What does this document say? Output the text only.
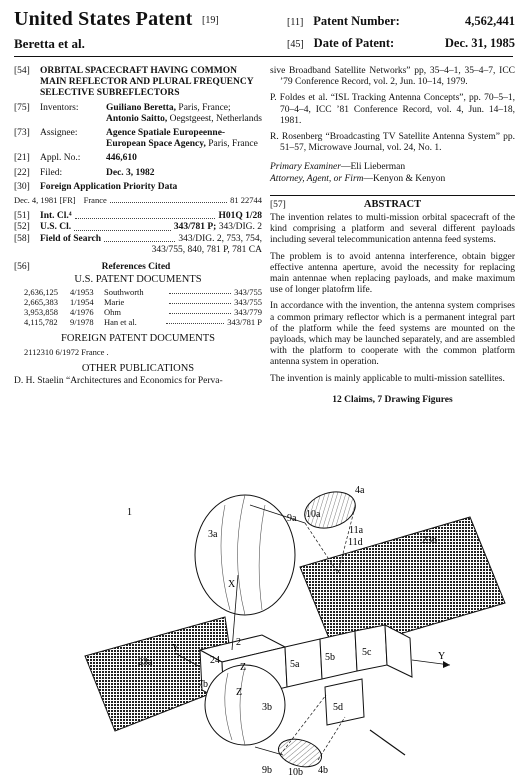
United States Patent [19]
Beretta et al.
[11] Patent Number:	4,562,441
[45] Date of Patent:	Dec. 31, 1985
[54]	ORBITAL SPACECRAFT HAVING COMMON MAIN REFLECTOR AND PLURAL FREQUENCY SELECTIVE SUBREFLECTORS
[75]	Inventors:	Guiliano Beretta, Paris, France;
Antonio Saitto, Oegstgeest, Netherlands
[73]	Assignee:	Agence Spatiale Europeenne-European Space Agency, Paris, France
[21]	Appl. No.:	446,610
[22]	Filed:	Dec. 3, 1982
[30]	Foreign Application Priority Data
Dec. 4, 1981 [FR] France	81 22744
[51]	Int. Cl.⁴	H01Q 1/28
[52]	U.S. Cl.	343/781 P; 343/DIG. 2
[58]	Field of Search	343/DIG. 2, 753, 754,
343/755, 840, 781 P, 781 CA
[56]	References Cited
U.S. PATENT DOCUMENTS
2,636,125	4/1953	Southworth	343/755
2,665,383	1/1954	Marie	343/755
3,953,858	4/1976	Ohm	343/779
4,115,782	9/1978	Han et al.	343/781 P
FOREIGN PATENT DOCUMENTS
2112310 6/1972 France .
OTHER PUBLICATIONS
D. H. Staelin “Architectures and Economics for Perva-
sive Broadband Satellite Networks” pp, 35–4–1, 35–4–7, ICC ’79 Conference Record, vol. 2, Jun. 10–14, 1979.
P. Foldes et al. “ISL Tracking Antenna Concepts”, pp. 70–5–1, 70–4–4, ICC ’81 Conference Record, vol. 4, Jun. 14–18, 1981.
R. Rosenberg “Broadcasting TV Satellite Antenna System” pp. 51–57, Microwave Journal, vol. 24, No. 1.
Primary Examiner—Eli Lieberman
Attorney, Agent, or Firm—Kenyon & Kenyon
[57]	ABSTRACT
The invention relates to multi-mission orbital spacecraft of the kind comprising a platform and several different payloads including several telecommunication antenna feed systems.
The problem is to avoid antenna interference, obtain bigger effective antenna aperture, avoid the necessity for replacing main antennae when replacing payloads, and make maximum use of longer platofrm life.
In accordance with the invention, the antenna system comprises a common primary reflector which is a permanent integral part of the platform while the feed systems are mounted on the payloads, which may be launched separately, and are assembled with the platform to cooperate with the common platform antenna system in operation.
The invention is mainly applicable to multi-mission satellites.
12 Claims, 7 Drawing Figures
1
3a
9a 10a
4a
11a
11d	23b
23a
X
2
Y
24
Z
Z
7b
5a
5b	5c
5d
Y
3b
9b 10b 4b
